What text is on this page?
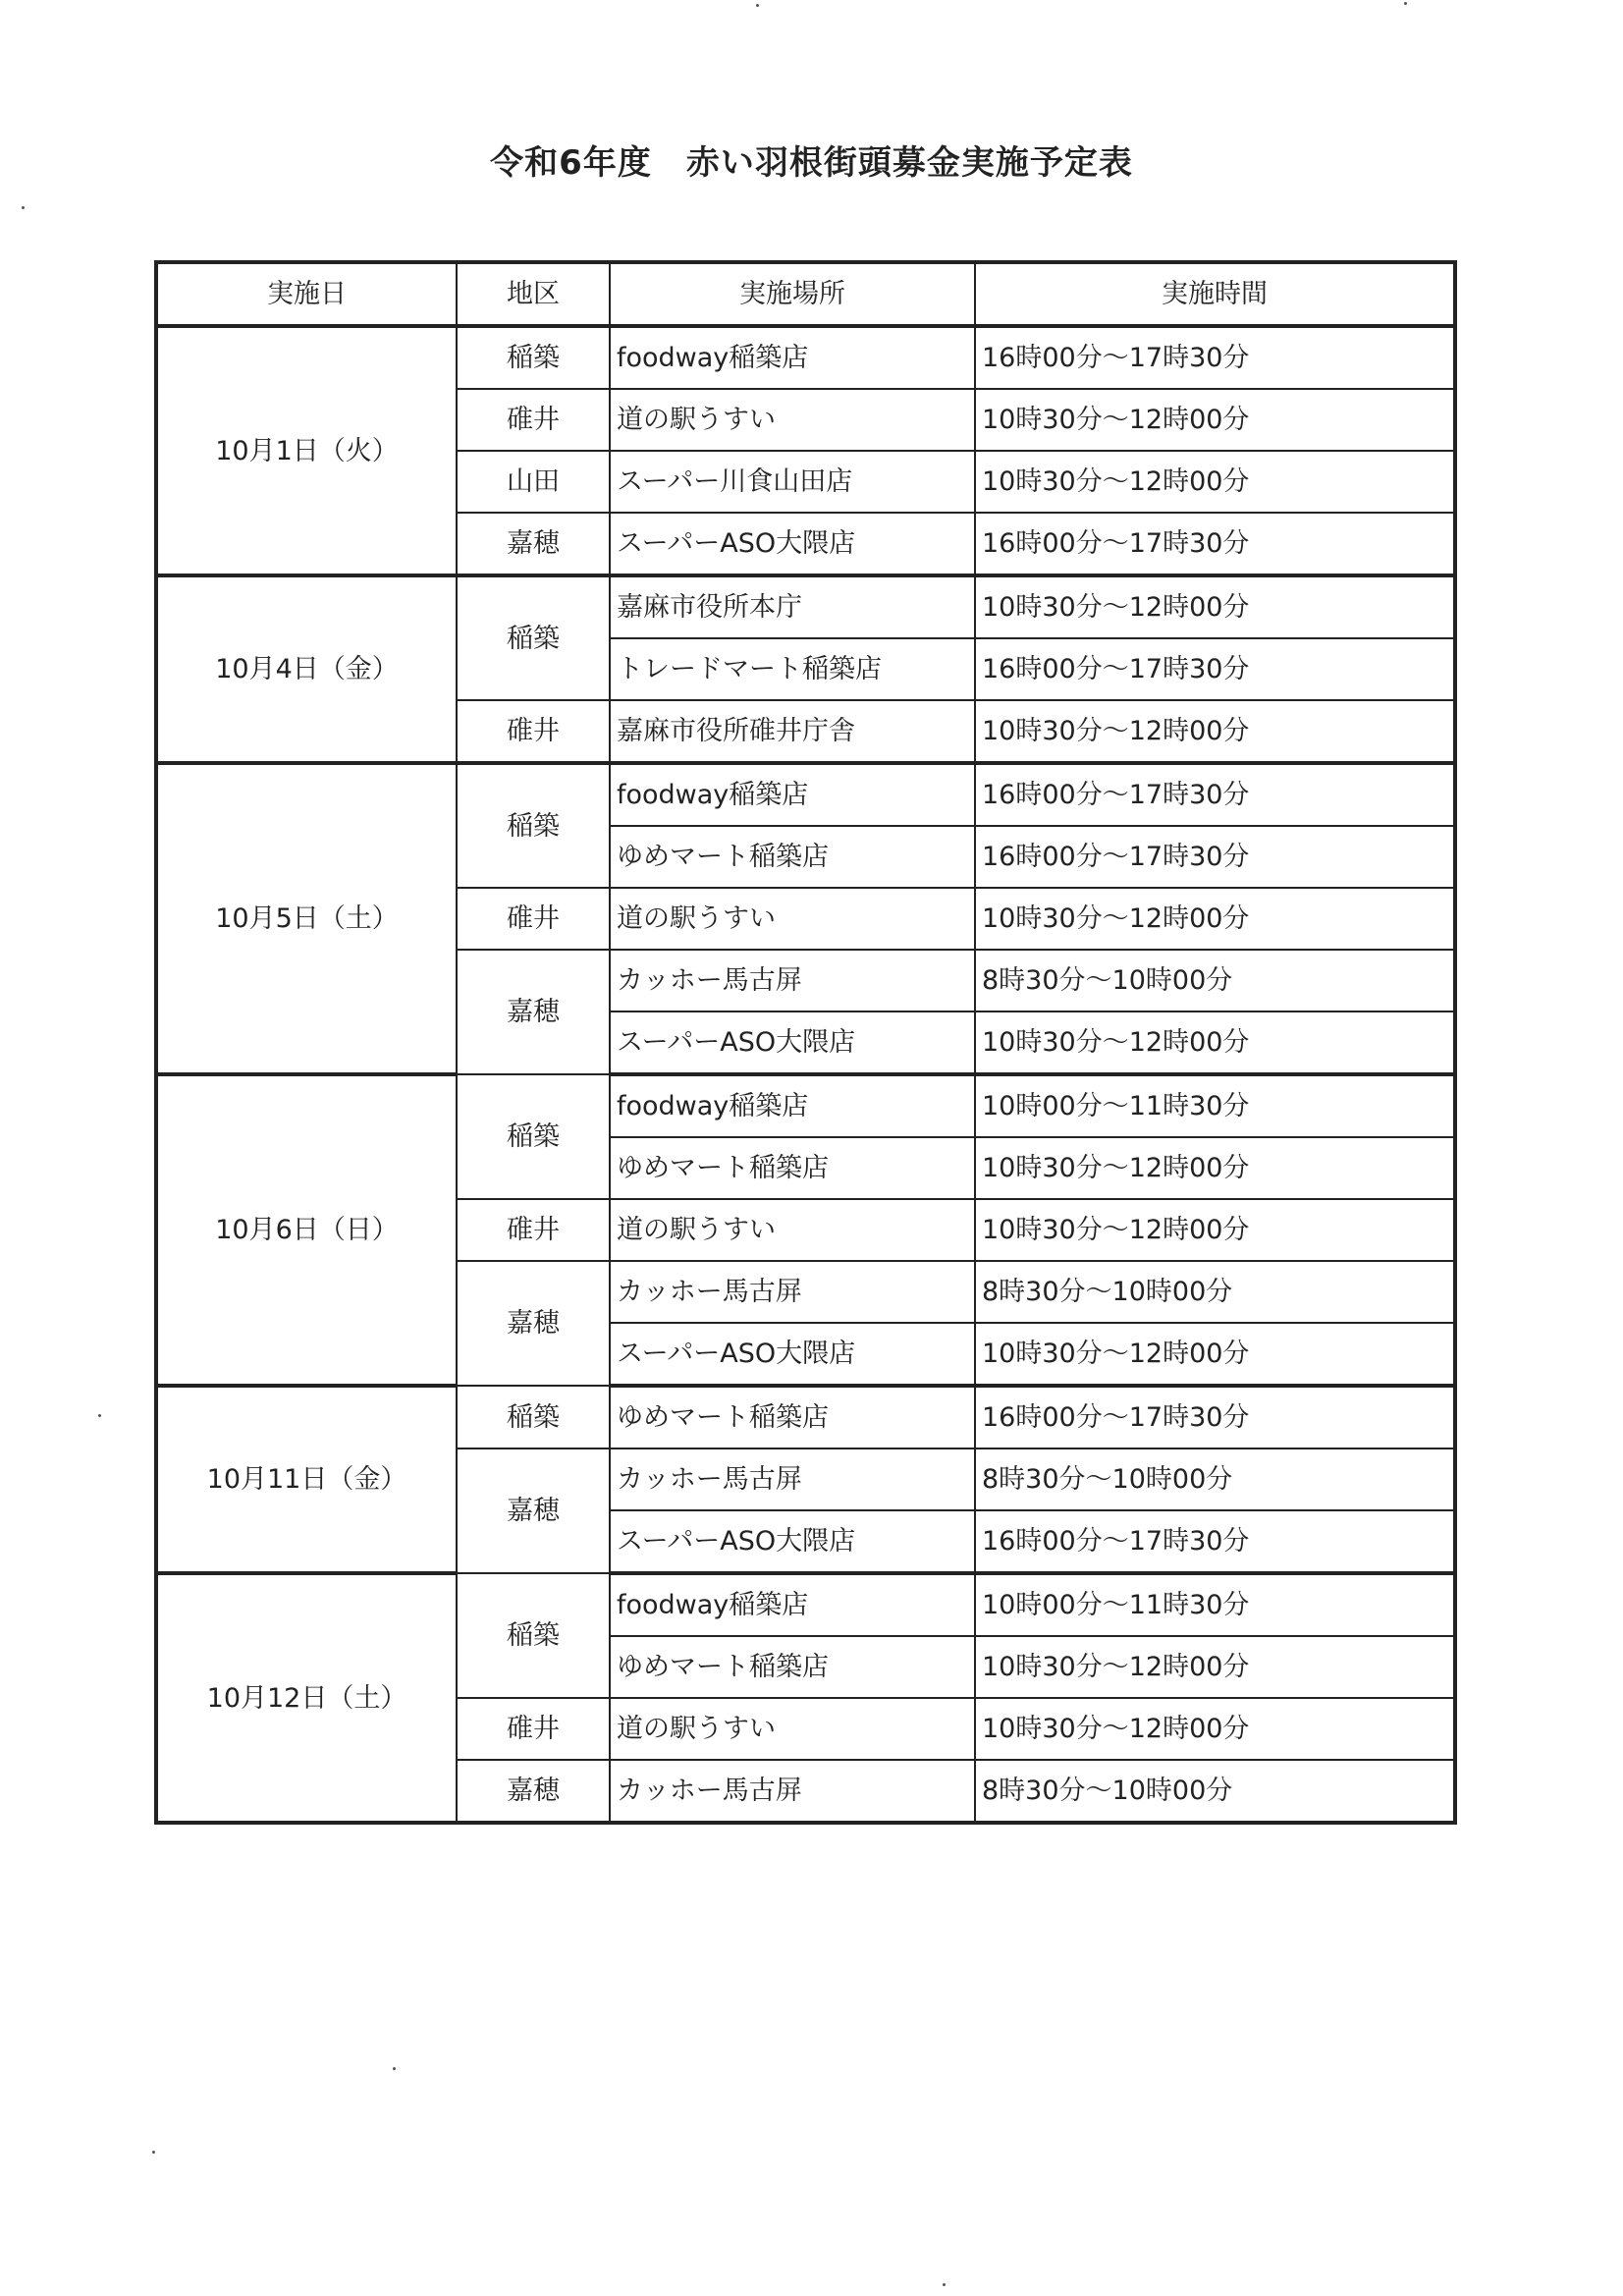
令和6年度　赤い羽根街頭募金実施予定表
実施日	地区	実施場所	実施時間
10月1日（火）	稲築	foodway稲築店	16時00分～17時30分
	碓井	道の駅うすい	10時30分～12時00分
	山田	スーパー川食山田店	10時30分～12時00分
	嘉穂	スーパーASO大隈店	16時00分～17時30分
10月4日（金）	稲築	嘉麻市役所本庁	10時30分～12時00分
		トレードマート稲築店	16時00分～17時30分
	碓井	嘉麻市役所碓井庁舎	10時30分～12時00分
10月5日（土）	稲築	foodway稲築店	16時00分～17時30分
		ゆめマート稲築店	16時00分～17時30分
	碓井	道の駅うすい	10時30分～12時00分
	嘉穂	カッホー馬古屏	8時30分～10時00分
		スーパーASO大隈店	10時30分～12時00分
10月6日（日）	稲築	foodway稲築店	10時00分～11時30分
		ゆめマート稲築店	10時30分～12時00分
	碓井	道の駅うすい	10時30分～12時00分
	嘉穂	カッホー馬古屏	8時30分～10時00分
		スーパーASO大隈店	10時30分～12時00分
10月11日（金）	稲築	ゆめマート稲築店	16時00分～17時30分
	嘉穂	カッホー馬古屏	8時30分～10時00分
		スーパーASO大隈店	16時00分～17時30分
10月12日（土）	稲築	foodway稲築店	10時00分～11時30分
		ゆめマート稲築店	10時30分～12時00分
	碓井	道の駅うすい	10時30分～12時00分
	嘉穂	カッホー馬古屏	8時30分～10時00分
